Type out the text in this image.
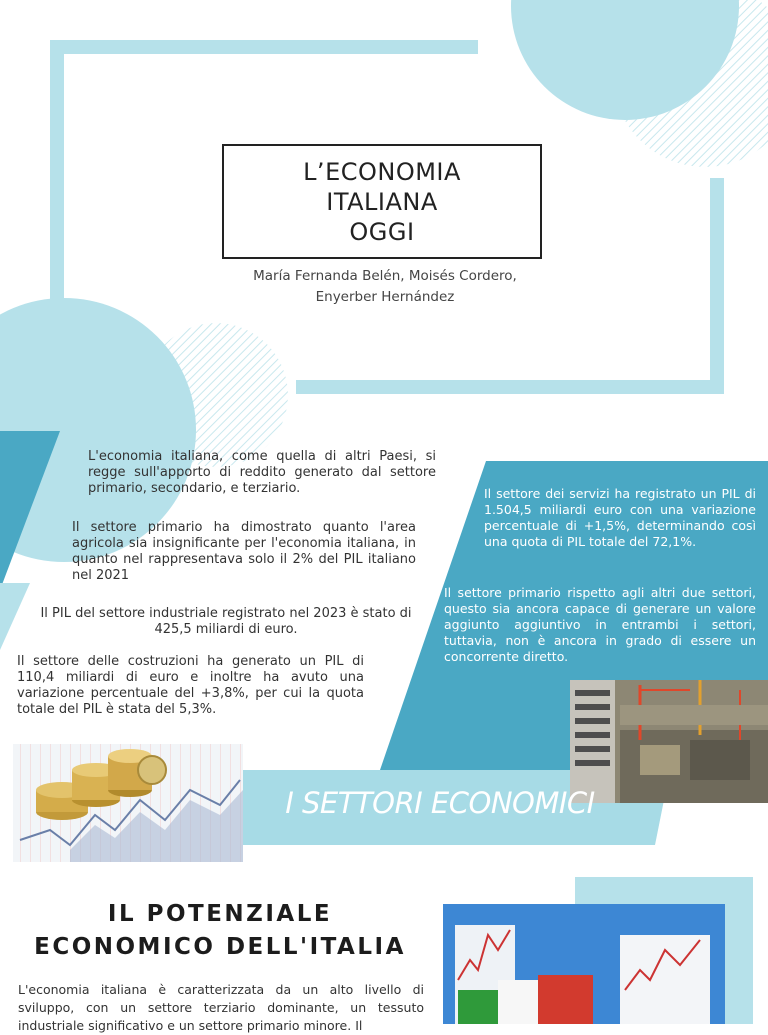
L’ECONOMIA
ITALIANA
OGGI
María Fernanda Belén, Moisés Cordero,
Enyerber Hernández
L'economia italiana, come quella di altri Paesi, si regge sull'apporto di reddito generato dal settore primario, secondario, e terziario.
Il settore primario ha dimostrato quanto l'area agricola sia insignificante per l'economia italiana, in quanto nel rappresentava solo il 2% del PIL italiano nel 2021
Il PIL del settore industriale registrato nel 2023 è stato di 425,5 miliardi di euro.
Il settore delle costruzioni ha generato un PIL di 110,4 miliardi di euro e inoltre ha avuto una variazione percentuale del +3,8%, per cui la quota totale del PIL è stata del 5,3%.
Il settore dei servizi ha registrato un PIL di 1.504,5 miliardi euro con una variazione percentuale di +1,5%, determinando così una quota di PIL totale del 72,1%.
Il settore primario rispetto agli altri due settori, questo sia ancora capace di generare un valore aggiunto aggiuntivo in entrambi i settori, tuttavia, non è ancora in grado di essere un concorrente diretto.
I SETTORI ECONOMICI
IL POTENZIALE
ECONOMICO DELL'ITALIA
L'economia italiana è caratterizzata da un alto livello di sviluppo, con un settore terziario dominante, un tessuto industriale significativo e un settore primario minore. Il
